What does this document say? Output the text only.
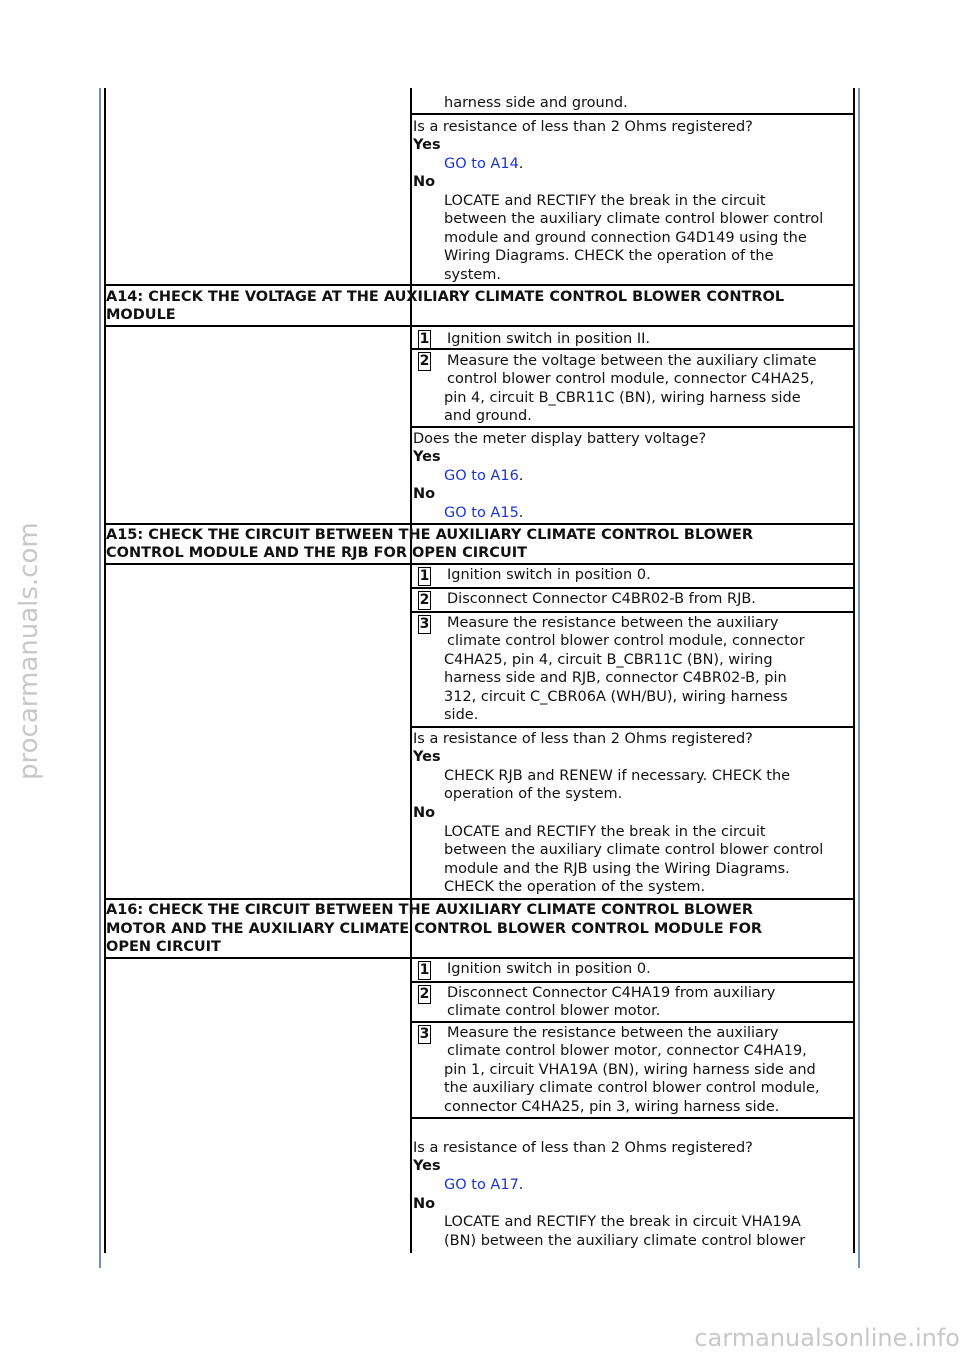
harness side and ground.
Is a resistance of less than 2 Ohms registered?
Yes
GO to A14.
No
LOCATE and RECTIFY the break in the circuit
between the auxiliary climate control blower control
module and ground connection G4D149 using the
Wiring Diagrams. CHECK the operation of the
system.
A14: CHECK THE VOLTAGE AT THE AUXILIARY CLIMATE CONTROL BLOWER CONTROL
MODULE
1 Ignition switch in position II.
2 Measure the voltage between the auxiliary climate
control blower control module, connector C4HA25,
pin 4, circuit B_CBR11C (BN), wiring harness side
and ground.
Does the meter display battery voltage?
Yes
GO to A16.
No
GO to A15.
A15: CHECK THE CIRCUIT BETWEEN THE AUXILIARY CLIMATE CONTROL BLOWER
CONTROL MODULE AND THE RJB FOR OPEN CIRCUIT
1 Ignition switch in position 0.
2 Disconnect Connector C4BR02-B from RJB.
3 Measure the resistance between the auxiliary
climate control blower control module, connector
C4HA25, pin 4, circuit B_CBR11C (BN), wiring
harness side and RJB, connector C4BR02-B, pin
312, circuit C_CBR06A (WH/BU), wiring harness
side.
Is a resistance of less than 2 Ohms registered?
Yes
CHECK RJB and RENEW if necessary. CHECK the
operation of the system.
No
LOCATE and RECTIFY the break in the circuit
between the auxiliary climate control blower control
module and the RJB using the Wiring Diagrams.
CHECK the operation of the system.
A16: CHECK THE CIRCUIT BETWEEN THE AUXILIARY CLIMATE CONTROL BLOWER
MOTOR AND THE AUXILIARY CLIMATE CONTROL BLOWER CONTROL MODULE FOR
OPEN CIRCUIT
1 Ignition switch in position 0.
2 Disconnect Connector C4HA19 from auxiliary
climate control blower motor.
3 Measure the resistance between the auxiliary
climate control blower motor, connector C4HA19,
pin 1, circuit VHA19A (BN), wiring harness side and
the auxiliary climate control blower control module,
connector C4HA25, pin 3, wiring harness side.
Is a resistance of less than 2 Ohms registered?
Yes
GO to A17.
No
LOCATE and RECTIFY the break in circuit VHA19A
(BN) between the auxiliary climate control blower
procarmanuals.com
carmanualsonline.info
